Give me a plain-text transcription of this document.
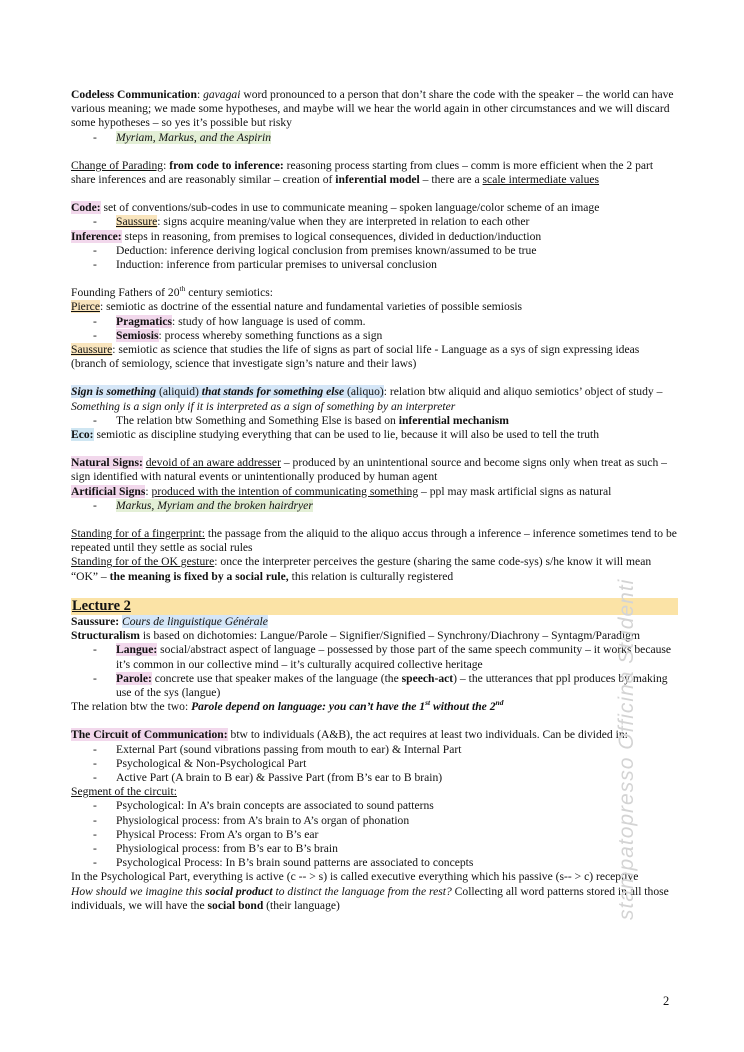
Codeless Communication: gavagai word pronounced to a person that don’t share the code with the speaker – the world can have various meaning; we made some hypotheses, and maybe will we hear the world again in other circumstances and we will discard some hypotheses – so yes it’s possible but risky

- Myriam, Markus, and the Aspirin

Change of Parading: from code to inference: reasoning process starting from clues – comm is more efficient when the 2 part share inferences and are reasonably similar – creation of inferential model – there are a scale intermediate values

Code: set of conventions/sub-codes in use to communicate meaning – spoken language/color scheme of an image

- Saussure: signs acquire meaning/value when they are interpreted in relation to each other

Inference: steps in reasoning, from premises to logical consequences, divided in deduction/induction

- Deduction: inference deriving logical conclusion from premises known/assumed to be true

- Induction: inference from particular premises to universal conclusion

Founding Fathers of 20th century semiotics:

Pierce: semiotic as doctrine of the essential nature and fundamental varieties of possible semiosis

- Pragmatics: study of how language is used of comm.

- Semiosis: process whereby something functions as a sign

Saussure: semiotic as science that studies the life of signs as part of social life - Language as a sys of sign expressing ideas (branch of semiology, science that investigate sign’s nature and their laws)

Sign is something (aliquid) that stands for something else (aliquo): relation btw aliquid and aliquo semiotics’ object of study – Something is a sign only if it is interpreted as a sign of something by an interpreter

- The relation btw Something and Something Else is based on inferential mechanism

Eco: semiotic as discipline studying everything that can be used to lie, because it will also be used to tell the truth

Natural Signs: devoid of an aware addresser – produced by an unintentional source and become signs only when treat as such – sign identified with natural events or unintentionally produced by human agent

Artificial Signs: produced with the intention of communicating something – ppl may mask artificial signs as natural

- Markus, Myriam and the broken hairdryer

Standing for of a fingerprint: the passage from the aliquid to the aliquo accus through a inference – inference sometimes tend to be repeated until they settle as social rules

Standing for of the OK gesture: once the interpreter perceives the gesture (sharing the same code-sys) s/he know it will mean “OK” – the meaning is fixed by a social rule, this relation is culturally registered

Lecture 2

Saussure: Cours de linguistique Générale

Structuralism is based on dichotomies: Langue/Parole – Signifier/Signified – Synchrony/Diachrony – Syntagm/Paradigm

- Langue: social/abstract aspect of language – possessed by those part of the same speech community – it works because it’s common in our collective mind – it’s culturally acquired collective heritage

- Parole: concrete use that speaker makes of the language (the speech-act) – the utterances that ppl produces by making use of the sys (langue)

The relation btw the two: Parole depend on language: you can’t have the 1st without the 2nd

The Circuit of Communication: btw to individuals (A&B), the act requires at least two individuals. Can be divided in:

- External Part (sound vibrations passing from mouth to ear) & Internal Part

- Psychological & Non-Psychological Part

- Active Part (A brain to B ear) & Passive Part (from B’s ear to B brain)

Segment of the circuit:

- Psychological: In A’s brain concepts are associated to sound patterns

- Physiological process: from A’s brain to A’s organ of phonation

- Physical Process: From A’s organ to B’s ear

- Physiological process: from B’s ear to B’s brain

- Psychological Process: In B’s brain sound patterns are associated to concepts

In the Psychological Part, everything is active (c -- > s) is called executive everything which his passive (s-- > c) receptive

How should we imagine this social product to distinct the language from the rest? Collecting all word patterns stored in all those individuals, we will have the social bond (their language)	stampatopresso Officina Studenti
2
